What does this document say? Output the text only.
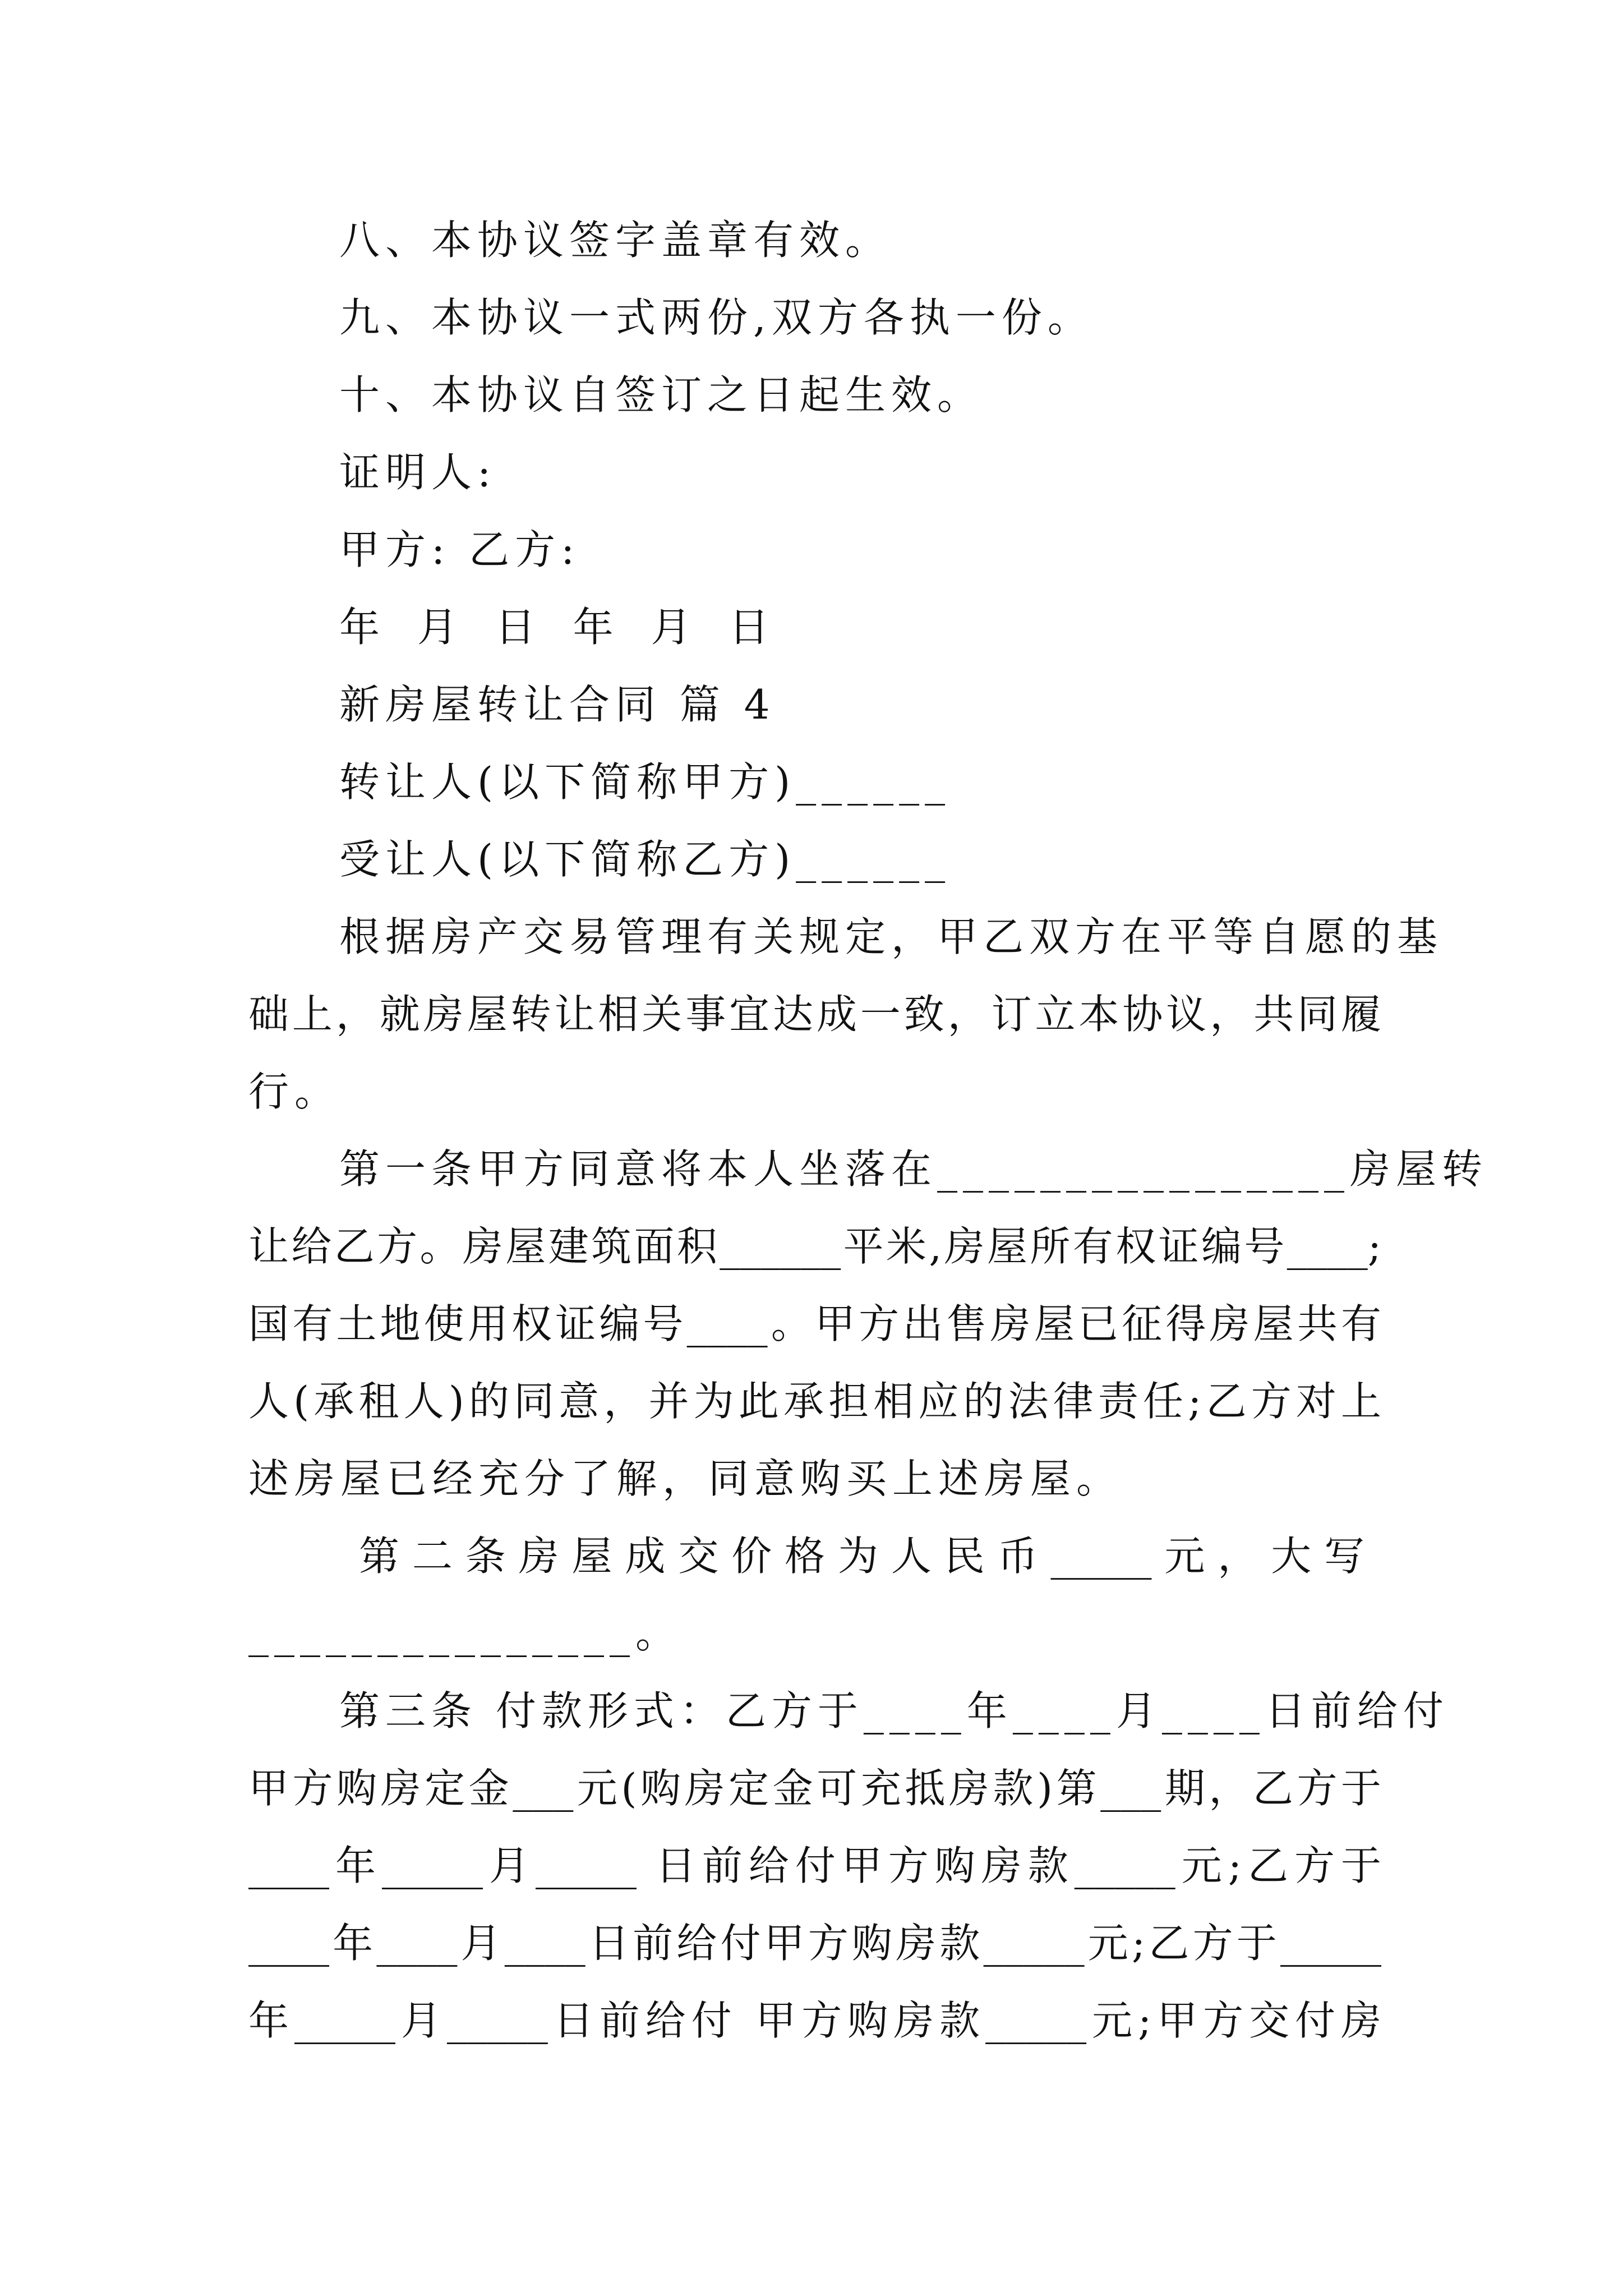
八、本协议签字盖章有效。
九、本协议一式两份,双方各执一份。
十、本协议自签订之日起生效。
证明人:
甲方: 乙方:
年 月 日 年 月 日
新房屋转让合同 篇 4
转让人(以下简称甲方)______
受让人(以下简称乙方)______
根据房产交易管理有关规定，甲乙双方在平等自愿的基
础上，就房屋转让相关事宜达成一致，订立本协议，共同履
行。
第一条甲方同意将本人坐落在________________房屋转
让给乙方。房屋建筑面积______平米,房屋所有权证编号____;
国有土地使用权证编号____。甲方出售房屋已征得房屋共有
人(承租人)的同意，并为此承担相应的法律责任;乙方对上
述房屋已经充分了解，同意购买上述房屋。
第 二 条 房 屋 成 交 价 格 为 人 民 币 _____ 元 ， 大 写
_______________。
第三条 付款形式：乙方于____年____月____日前给付
甲方购房定金___元(购房定金可充抵房款)第___期，乙方于
____年_____月_____ 日前给付甲方购房款_____元;乙方于
____年____月____日前给付甲方购房款_____元;乙方于_____
年_____月_____日前给付 甲方购房款_____元;甲方交付房
